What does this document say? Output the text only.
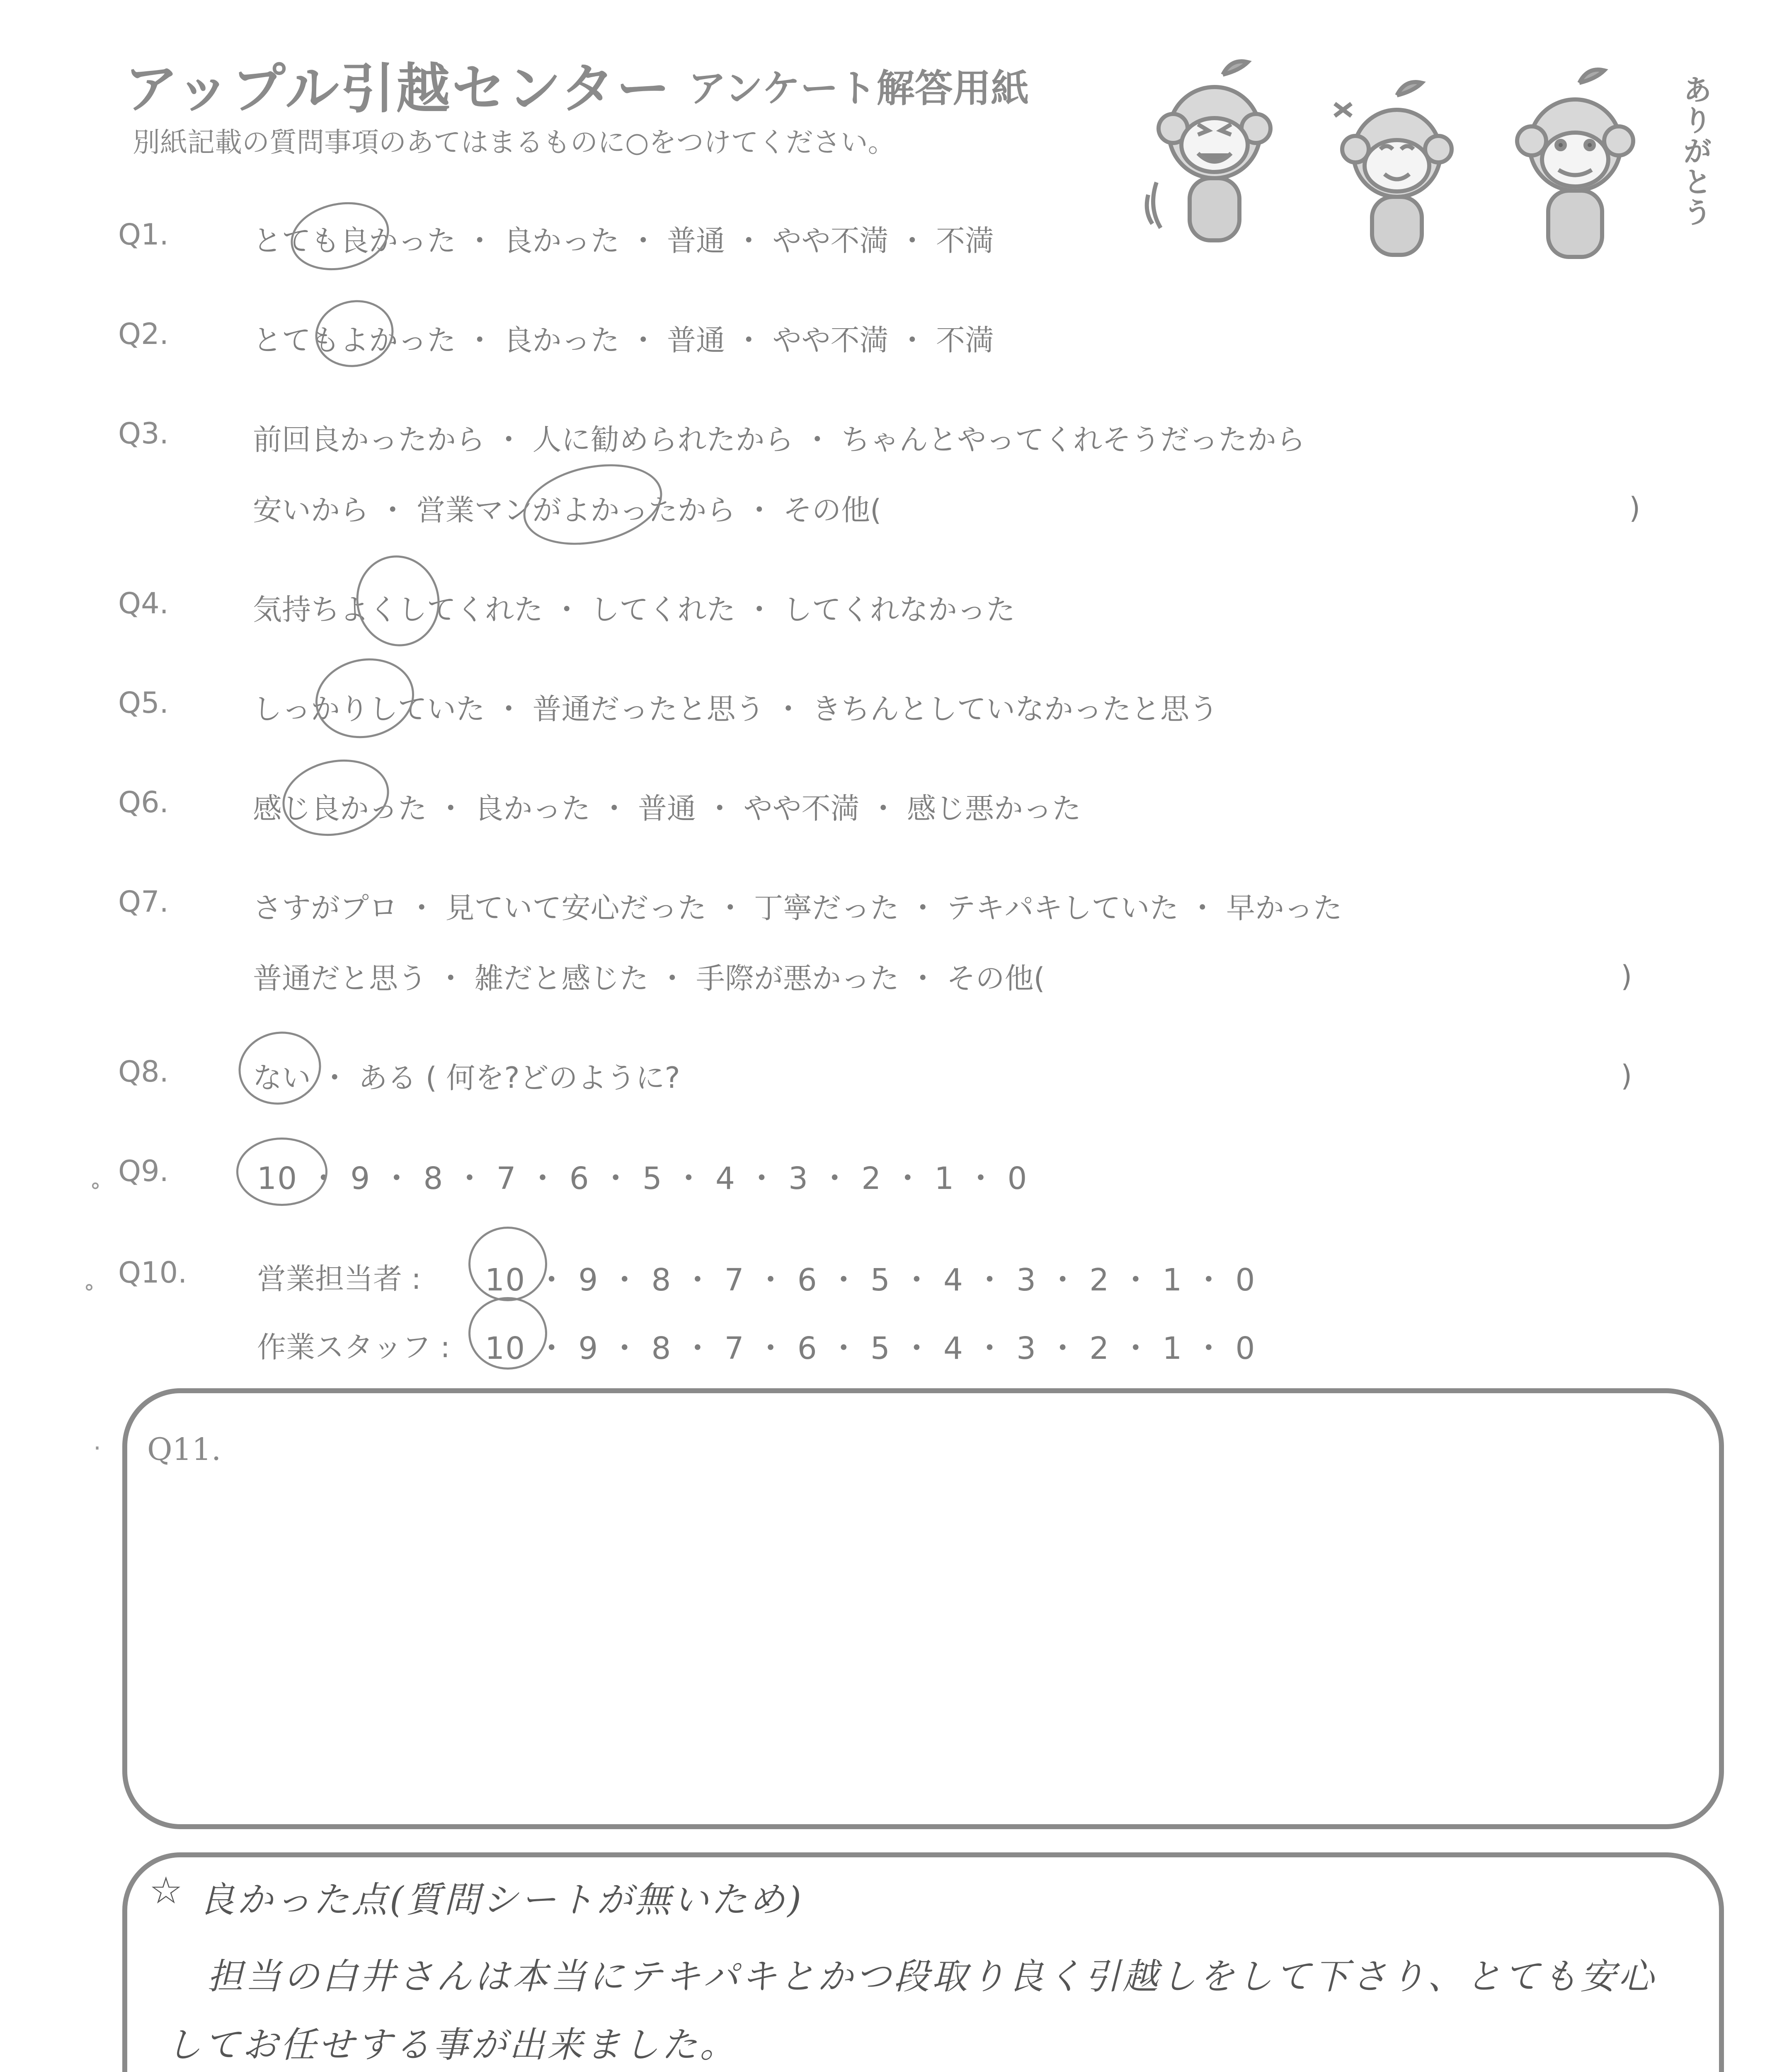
アップル引越センター アンケート解答用紙
別紙記載の質問事項のあてはまるものに○をつけてください。	ありがとう
Q1.	とても良かった ・ 良かった ・ 普通 ・ やや不満 ・ 不満
Q2.	とてもよかった ・ 良かった ・ 普通 ・ やや不満 ・ 不満
Q3.	前回良かったから ・ 人に勧められたから ・ ちゃんとやってくれそうだったから
安いから ・ 営業マンがよかったから ・ その他(	)
Q4.	気持ちよくしてくれた ・ してくれた ・ してくれなかった
Q5.	しっかりしていた ・ 普通だったと思う ・ きちんとしていなかったと思う
Q6.	感じ良かった ・ 良かった ・ 普通 ・ やや不満 ・ 感じ悪かった
Q7.	さすがプロ ・ 見ていて安心だった ・ 丁寧だった ・ テキパキしていた ・ 早かった
普通だと思う ・ 雑だと感じた ・ 手際が悪かった ・ その他(	)
Q8.	ない ・ ある ( 何を?どのように?	)
˳ Q9.	10 ・ 9 ・ 8 ・ 7 ・ 6 ・ 5 ・ 4 ・ 3 ・ 2 ・ 1 ・ 0
˳ Q10. 営業担当者 : 10 ・ 9 ・ 8 ・ 7 ・ 6 ・ 5 ・ 4 ・ 3 ・ 2 ・ 1 ・ 0
作業スタッフ : 10 ・ 9 ・ 8 ・ 7 ・ 6 ・ 5 ・ 4 ・ 3 ・ 2 ・ 1 ・ 0
· Q11.
☆ 良かった点(質問シートが無いため)
担当の白井さんは本当にテキパキとかつ段取り良く引越しをして下さり、とても安心
してお任せする事が出来ました。
